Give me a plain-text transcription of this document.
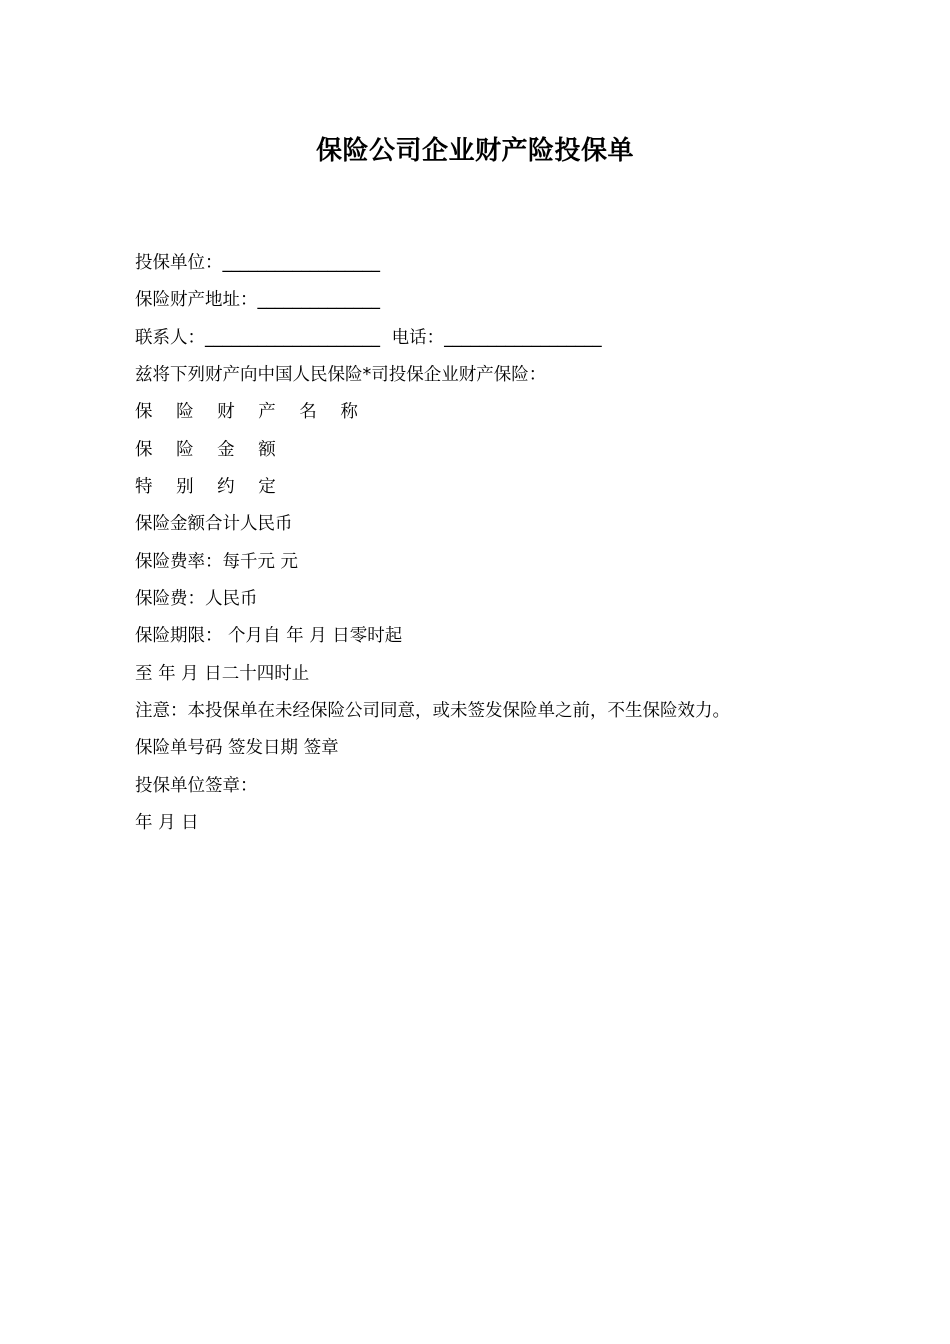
保险公司企业财产险投保单
投保单位：__________________
保险财产地址：______________
联系人：____________________ 电话：__________________
兹将下列财产向中国人民保险*司投保企业财产保险：
保 险 财 产 名 称
保 险 金 额
特 别 约 定
保险金额合计人民币
保险费率：每千元 元
保险费：人民币
保险期限： 个月自 年 月 日零时起
至 年 月 日二十四时止
注意：本投保单在未经保险公司同意，或未签发保险单之前，不生保险效力。
保险单号码 签发日期 签章
投保单位签章：
年 月 日
